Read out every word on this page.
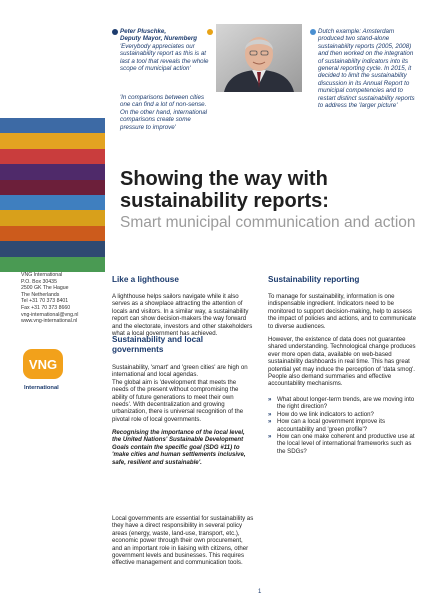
Peter Pluschke,
Deputy Mayor, Nuremberg
'Everybody appreciates our sustainability report as this is at last a tool that reveals the whole scope of municipal action'
'In comparisons between cities one can find a lot of non-sense. On the other hand, international comparisons create some pressure to improve'
Dutch example: Amsterdam produced two stand-alone sustainability reports (2005, 2008) and then worked on the integration of sustainability indicators into its general reporting cycle. In 2015, it decided to limit the sustainability discussion in its Annual Report to municipal competencies and to restart distinct sustainability reports to address the 'larger picture'
Showing the way with sustainability reports:
Smart municipal communication and action
VNG International
P.O. Box 30435
2500 GK The Hague
The Netherlands
Tel +31 70 373 8401
Fax +31 70 373 8660
vng-international@vng.nl
www.vng-international.nl
VNG
International
Like a lighthouse

A lighthouse helps sailors navigate while it also serves as a showplace attracting the attention of locals and visitors. In a similar way, a sustainability report can show decision-makers the way forward and the electorate, investors and other stakeholders what a local government has achieved.

Sustainability and local governments

Sustainability, 'smart' and 'green cities' are high on international and local agendas.

The global aim is 'development that meets the needs of the present without compromising the ability of future generations to meet their own needs'. With decentralization and growing urbanization, there is universal recognition of the pivotal role of local governments.

Recognising the importance of the local level, the United Nations' Sustainable Development Goals contain the specific goal (SDG #11) to 'make cities and human settlements inclusive, safe, resilient and sustainable'.

Local governments are essential for sustainability as they have a direct responsibility in several policy areas (energy, waste, land-use, transport, etc.), economic power through their own procurement, and an important role in liaising with citizens, other government levels and businesses. This requires effective management and communication tools.

Sustainability reporting

To manage for sustainability, information is one indispensable ingredient. Indicators need to be monitored to support decision-making, help to assess the impact of policies and actions, and to communicate to diverse audiences.

However, the existence of data does not guarantee shared understanding. Technological change produces ever more open data, available on web-based sustainability dashboards in real time. This has great potential yet may induce the perception of 'data smog'. People also demand summaries and effective accountability mechanisms.

» What about longer-term trends, are we moving into the right direction?
» How do we link indicators to action?
» How can a local government improve its accountability and 'green profile'?
» How can one make coherent and productive use at the local level of international frameworks such as the SDGs?
1
